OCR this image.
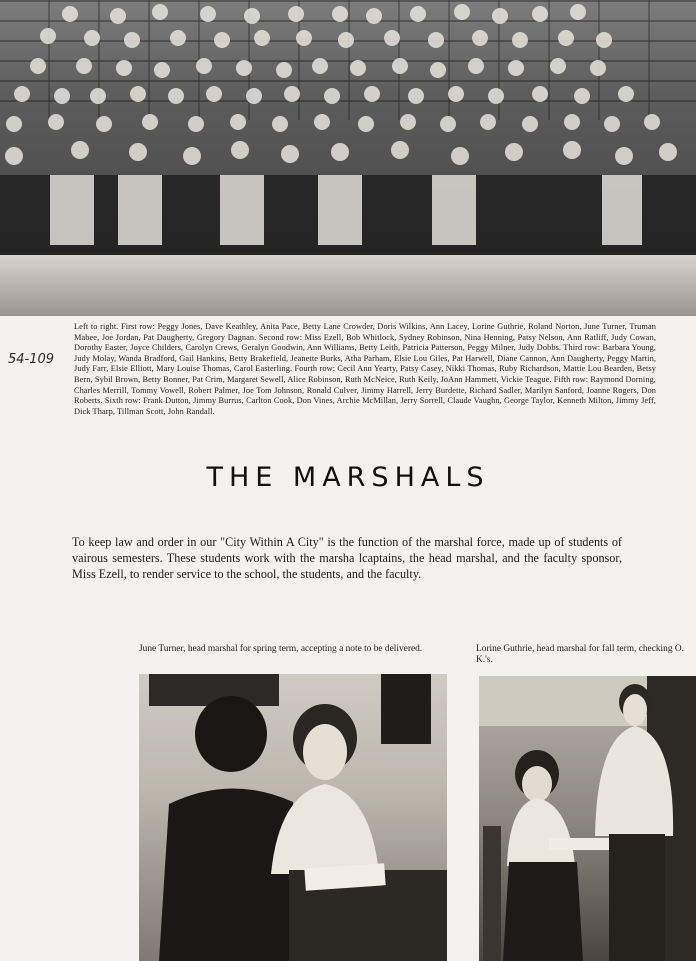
Left to right. First row: Peggy Jones, Dave Keathley, Anita Pace, Betty Lane Crowder, Doris Wilkins, Ann Lacey, Lorine Guthrie, Roland Norton, June Turner, Truman Mabee, Joe Jordan, Pat Daugherty, Gregory Dagnan. Second row: Miss Ezell, Bob Whitlock, Sydney Robinson, Nina Henning, Patsy Nelson, Ann Ratliff, Judy Cowan, Dorothy Easter, Joyce Childers, Carolyn Crews, Geralyn Goodwin, Ann Williams, Betty Leith, Patricia Patterson, Peggy Milner, Judy Dobbs. Third row: Barbara Young, Judy Molay, Wanda Bradford, Gail Hankins, Betty Brakefield, Jeanette Burks, Atha Parham, Elsie Lou Giles, Pat Harwell, Diane Cannon, Ann Daugherty, Peggy Martin, Judy Farr, Elsie Elliott, Mary Louise Thomas, Carol Easterling. Fourth row: Cecil Ann Yearty, Patsy Casey, Nikki Thomas, Ruby Richardson, Mattie Lou Bearden, Betsy Bern, Sybil Brown, Betty Bonner, Pat Crim, Margaret Sewell, Alice Robinson, Ruth McNeice, Ruth Keily, JoAnn Hammett, Vickie Teague. Fifth row: Raymond Dorning, Charles Merrill, Tommy Vowell, Robert Palmer, Joe Tom Johnson, Ronald Culver, Jimmy Harrell, Jerry Burdette, Richard Sadler, Marilyn Sanford, Joanne Rogers, Don Roberts. Sixth row: Frank Dutton, Jimmy Burrus, Carlton Cook, Don Vines, Archie McMillan, Jerry Sorrell, Claude Vaughn, George Taylor, Kenneth Milton, Jimmy Jeff, Dick Tharp, Tillman Scott, John Randall.

54-109
THE MARSHALS
To keep law and order in our "City Within A City" is the function of the marshal force, made up of students of vairous semesters. These students work with the marsha lcaptains, the head marshal, and the faculty sponsor, Miss Ezell, to render service to the school, the students, and the faculty.
June Turner, head marshal for spring term, accepting a note to be delivered.	Lorine Guthrie, head marshal for fall term, checking O. K.'s.
